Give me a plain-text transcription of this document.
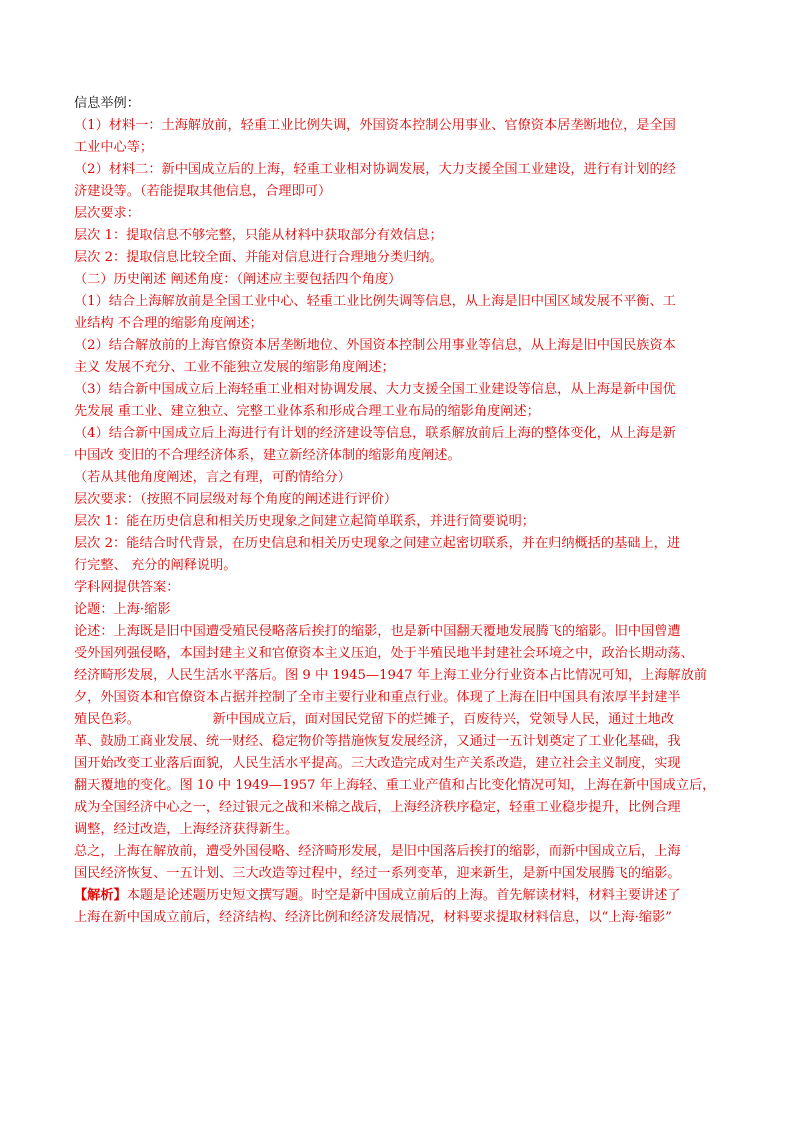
信息举例：
（1）材料一：土海解放前，轻重工业比例失调，外国资本控制公用事业、官僚资本居垄断地位，是全国
工业中心等；
（2）材料二：新中国成立后的上海，轻重工业相对协调发展，大力支援全国工业建设，进行有计划的经
济建设等。（若能提取其他信息，合理即可）
层次要求：
层次 1：提取信息不够完整，只能从材料中获取部分有效信息；
层次 2：提取信息比较全面、并能对信息进行合理地分类归纳。
（二）历史阐述 阐述角度：（阐述应主要包括四个角度）
（1）结合上海解放前是全国工业中心、轻重工业比例失调等信息，从上海是旧中国区域发展不平衡、工
业结构 不合理的缩影角度阐述；
（2）结合解放前的上海官僚资本居垄断地位、外国资本控制公用事业等信息，从上海是旧中国民族资本
主义 发展不充分、工业不能独立发展的缩影角度阐述；
（3）结合新中国成立后上海轻重工业相对协调发展、大力支援全国工业建设等信息，从上海是新中国优
先发展 重工业、建立独立、完整工业体系和形成合理工业布局的缩影角度阐述；
（4）结合新中国成立后上海进行有计划的经济建设等信息，联系解放前后上海的整体变化，从上海是新
中国改 变旧的不合理经济体系，建立新经济体制的缩影角度阐述。
（若从其他角度阐述，言之有理，可酌情给分）
层次要求：（按照不同层级对每个角度的阐述进行评价）
层次 1：能在历史信息和相关历史现象之间建立起简单联系，并进行简要说明；
层次 2：能结合时代背景，在历史信息和相关历史现象之间建立起密切联系，并在归纳概括的基础上，进
行完整、 充分的阐释说明。
学科网提供答案：
论题：上海·缩影
论述：上海既是旧中国遭受殖民侵略落后挨打的缩影，也是新中国翻天覆地发展腾飞的缩影。旧中国曾遭
受外国列强侵略，本国封建主义和官僚资本主义压迫，处于半殖民地半封建社会环境之中，政治长期动荡、
经济畸形发展，人民生活水平落后。图 9 中 1945—1947 年上海工业分行业资本占比情况可知，上海解放前
夕，外国资本和官僚资本占据并控制了全市主要行业和重点行业。体现了上海在旧中国具有浓厚半封建半
殖民色彩。　　　　　　新中国成立后，面对国民党留下的烂摊子，百废待兴，党领导人民，通过土地改
革、鼓励工商业发展、统一财经、稳定物价等措施恢复发展经济，又通过一五计划奠定了工业化基础，我
国开始改变工业落后面貌，人民生活水平提高。三大改造完成对生产关系改造，建立社会主义制度，实现
翻天覆地的变化。图 10 中 1949—1957 年上海轻、重工业产值和占比变化情况可知，上海在新中国成立后，
成为全国经济中心之一，经过银元之战和米棉之战后，上海经济秩序稳定，轻重工业稳步提升，比例合理
调整，经过改造，上海经济获得新生。
总之，上海在解放前，遭受外国侵略、经济畸形发展，是旧中国落后挨打的缩影，而新中国成立后，上海
国民经济恢复、一五计划、三大改造等过程中，经过一系列变革，迎来新生，是新中国发展腾飞的缩影。
【解析】本题是论述题历史短文撰写题。时空是新中国成立前后的上海。首先解读材料，材料主要讲述了
上海在新中国成立前后，经济结构、经济比例和经济发展情况，材料要求提取材料信息，以“上海·缩影”
